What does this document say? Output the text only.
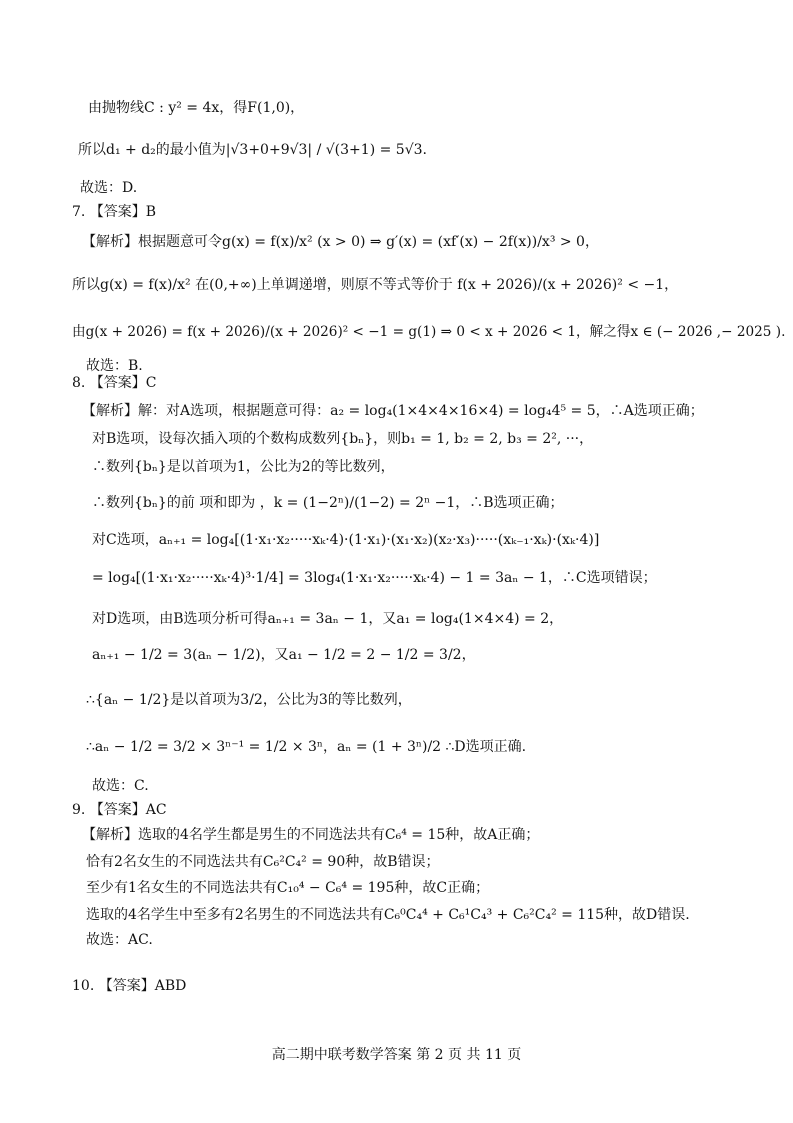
由抛物线C : y² = 4x，得F(1,0)，
所以d₁ + d₂的最小值为|√3+0+9√3| / √(3+1) = 5√3.
故选：D.
7. 【答案】B
【解析】根据题意可令g(x) = f(x)/x² (x > 0) ⇒ g′(x) = (xf′(x) − 2f(x))/x³ > 0，
所以g(x) = f(x)/x² 在(0,+∞)上单调递增，则原不等式等价于 f(x + 2026)/(x + 2026)² < −1，
由g(x + 2026) = f(x + 2026)/(x + 2026)² < −1 = g(1) ⇒ 0 < x + 2026 < 1，解之得x ∈ (− 2026 ,− 2025 ).
故选：B.
8. 【答案】C
【解析】解：对A选项，根据题意可得：a₂ = log₄(1×4×4×16×4) = log₄4⁵ = 5，∴A选项正确；
对B选项，设每次插入项的个数构成数列{bₙ}，则b₁ = 1, b₂ = 2, b₃ = 2², ···，
∴数列{bₙ}是以首项为1，公比为2的等比数列，
∴数列{bₙ}的前 项和即为 ，k = (1−2ⁿ)/(1−2) = 2ⁿ −1，∴B选项正确；
对C选项，aₙ₊₁ = log₄[(1·x₁·x₂·····xₖ·4)·(1·x₁)·(x₁·x₂)(x₂·x₃)·····(xₖ₋₁·xₖ)·(xₖ·4)]
= log₄[(1·x₁·x₂·····xₖ·4)³·1/4] = 3log₄(1·x₁·x₂·····xₖ·4) − 1 = 3aₙ − 1，∴C选项错误；
对D选项，由B选项分析可得aₙ₊₁ = 3aₙ − 1，又a₁ = log₄(1×4×4) = 2，
aₙ₊₁ − 1/2 = 3(aₙ − 1/2)，又a₁ − 1/2 = 2 − 1/2 = 3/2，
∴{aₙ − 1/2}是以首项为3/2，公比为3的等比数列，
∴aₙ − 1/2 = 3/2 × 3ⁿ⁻¹ = 1/2 × 3ⁿ，aₙ = (1 + 3ⁿ)/2 ∴D选项正确.
故选：C.
9. 【答案】AC
【解析】选取的4名学生都是男生的不同选法共有C₆⁴ = 15种，故A正确；
恰有2名女生的不同选法共有C₆²C₄² = 90种，故B错误；
至少有1名女生的不同选法共有C₁₀⁴ − C₆⁴ = 195种，故C正确；
选取的4名学生中至多有2名男生的不同选法共有C₆⁰C₄⁴ + C₆¹C₄³ + C₆²C₄² = 115种，故D错误.
故选：AC.
10. 【答案】ABD
高二期中联考数学答案 第 2 页 共 11 页
